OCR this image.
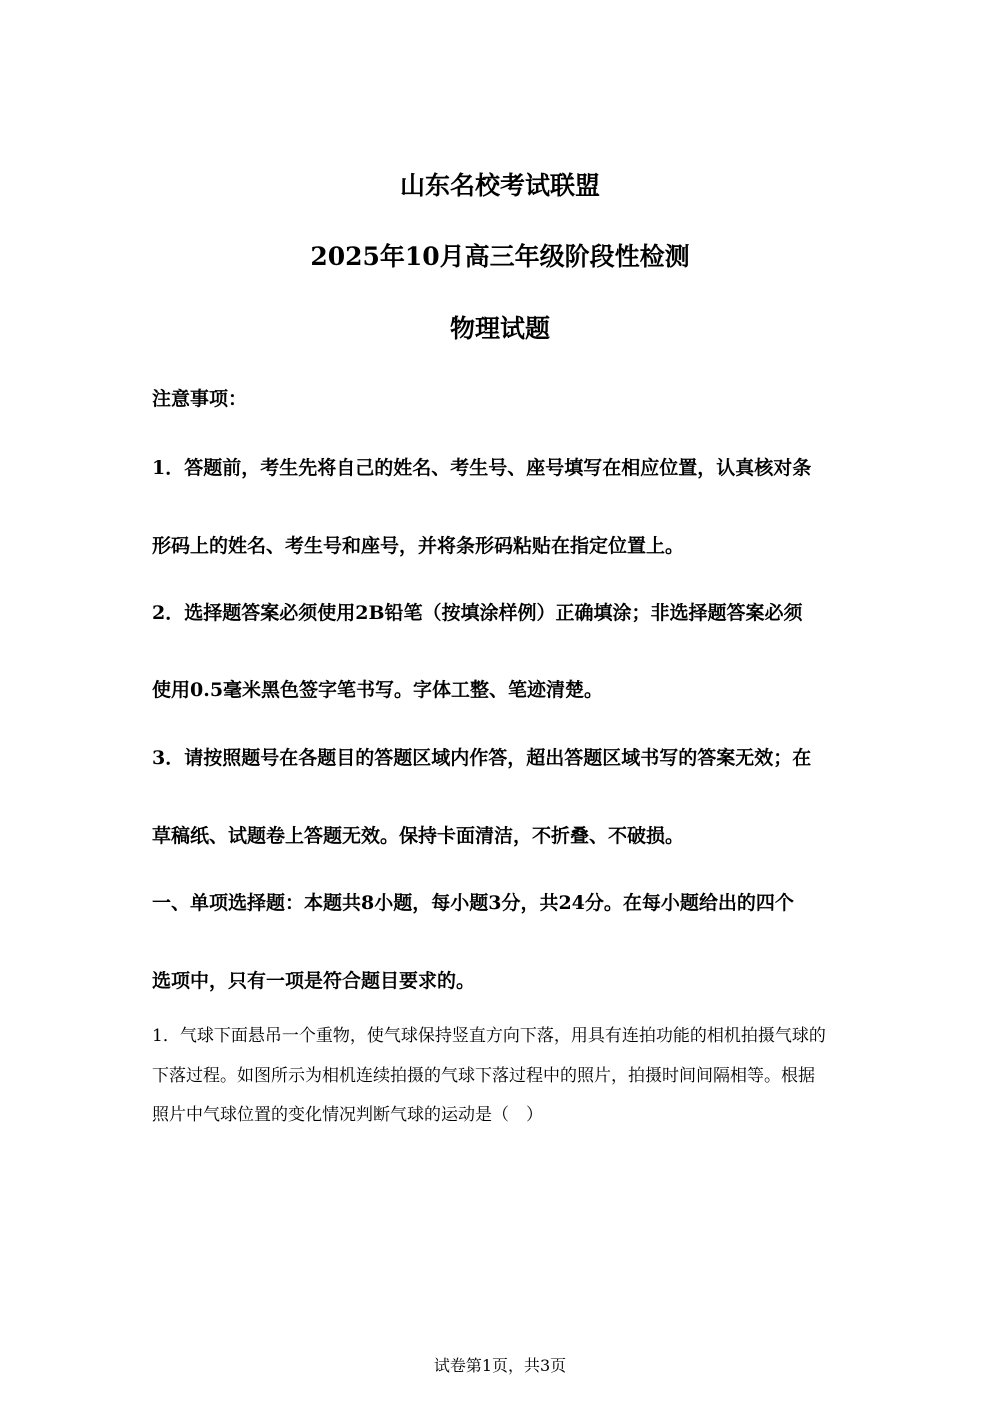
山东名校考试联盟
2025年10月高三年级阶段性检测
物理试题
注意事项：
1．答题前，考生先将自己的姓名、考生号、座号填写在相应位置，认真核对条
形码上的姓名、考生号和座号，并将条形码粘贴在指定位置上。
2．选择题答案必须使用2B铅笔（按填涂样例）正确填涂；非选择题答案必须
使用0.5毫米黑色签字笔书写。字体工整、笔迹清楚。
3．请按照题号在各题目的答题区域内作答，超出答题区域书写的答案无效；在
草稿纸、试题卷上答题无效。保持卡面清洁，不折叠、不破损。
一、单项选择题：本题共8小题，每小题3分，共24分。在每小题给出的四个
选项中，只有一项是符合题目要求的。
1．气球下面悬吊一个重物，使气球保持竖直方向下落，用具有连拍功能的相机拍摄气球的
下落过程。如图所示为相机连续拍摄的气球下落过程中的照片，拍摄时间间隔相等。根据
照片中气球位置的变化情况判断气球的运动是（　）
试卷第1页，共3页
